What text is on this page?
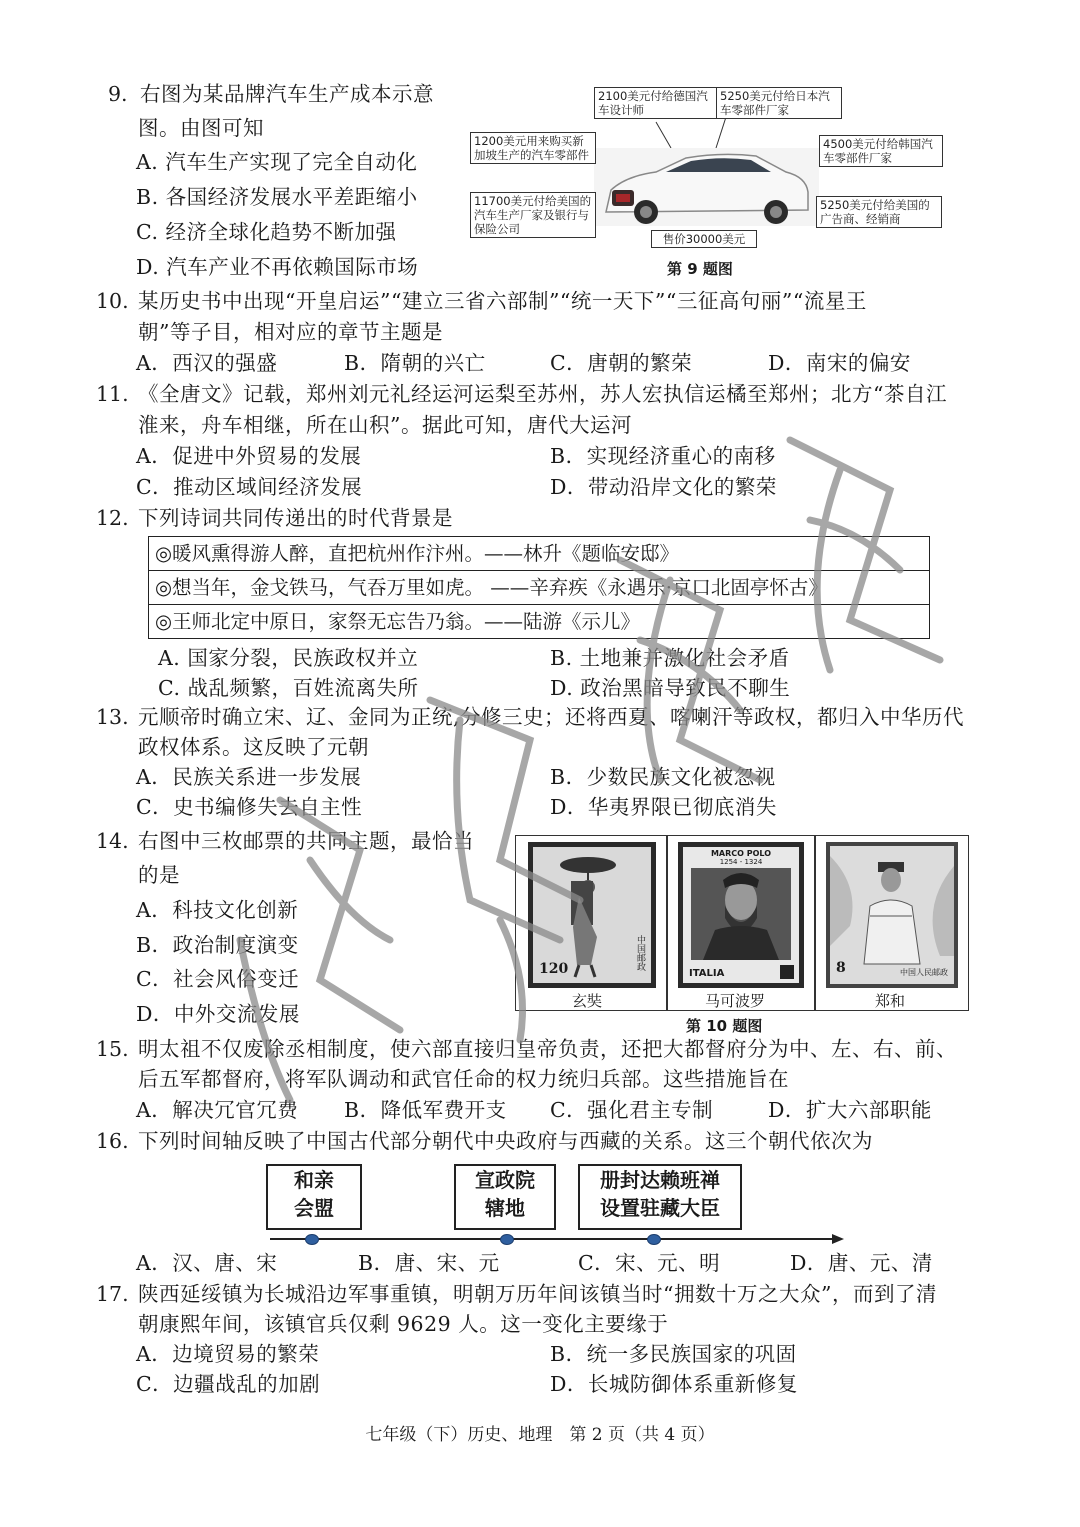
9. 右图为某品牌汽车生产成本示意
图。由图可知
A. 汽车生产实现了完全自动化
B. 各国经济发展水平差距缩小
C. 经济全球化趋势不断加强
D. 汽车产业不再依赖国际市场
2100美元付给德国汽车设计师
5250美元付给日本汽车零部件厂家
1200美元用来购买新加坡生产的汽车零部件
4500美元付给韩国汽车零部件厂家
11700美元付给美国的汽车生产厂家及银行与保险公司
5250美元付给美国的广告商、经销商
售价30000美元
第 9 题图
10. 某历史书中出现“开皇启运”“建立三省六部制”“统一天下”“三征高句丽”“流星王
朝”等子目，相对应的章节主题是
A．西汉的强盛	B．隋朝的兴亡	C．唐朝的繁荣	D．南宋的偏安
11. 《全唐文》记载，郑州刘元礼经运河运梨至苏州，苏人宏执信运橘至郑州；北方“茶自江
淮来，舟车相继，所在山积”。据此可知，唐代大运河
A．促进中外贸易的发展	B．实现经济重心的南移
C．推动区域间经济发展	D．带动沿岸文化的繁荣
12. 下列诗词共同传递出的时代背景是
◎暖风熏得游人醉，直把杭州作汴州。——林升《题临安邸》
◎想当年，金戈铁马，气吞万里如虎。 ——辛弃疾《永遇乐·京口北固亭怀古》
◎王师北定中原日，家祭无忘告乃翁。——陆游《示儿》
A. 国家分裂，民族政权并立	B. 土地兼并激化社会矛盾
C. 战乱频繁，百姓流离失所	D. 政治黑暗导致民不聊生
13. 元顺帝时确立宋、辽、金同为正统,分修三史；还将西夏、喀喇汗等政权，都归入中华历代
政权体系。这反映了元朝
A．民族关系进一步发展	B．少数民族文化被忽视
C．史书编修失去自主性	D．华夷界限已彻底消失
14. 右图中三枚邮票的共同主题，最恰当
的是
A．科技文化创新
B．政治制度演变
C．社会风俗变迁
D．中外交流发展
120	中国邮政
玄奘
MARCO POLO
1254 - 1324
ITALIA
马可波罗
8	中国人民邮政
郑和
第 10 题图
15. 明太祖不仅废除丞相制度，使六部直接归皇帝负责，还把大都督府分为中、左、右、前、
后五军都督府，将军队调动和武官任命的权力统归兵部。这些措施旨在
A．解决冗官冗费 B．降低军费开支 C．强化君主专制	D．扩大六部职能
16. 下列时间轴反映了中国古代部分朝代中央政府与西藏的关系。这三个朝代依次为
和亲
会盟
宣政院
辖地
册封达赖班禅
设置驻藏大臣
A．汉、唐、宋	B．唐、宋、元	C．宋、元、明	D．唐、元、清
17. 陕西延绥镇为长城沿边军事重镇，明朝万历年间该镇当时“拥数十万之大众”，而到了清
朝康熙年间，该镇官兵仅剩 9629 人。这一变化主要缘于
A．边境贸易的繁荣	B．统一多民族国家的巩固
C．边疆战乱的加剧	D．长城防御体系重新修复
七年级（下）历史、地理　第 2 页（共 4 页）
